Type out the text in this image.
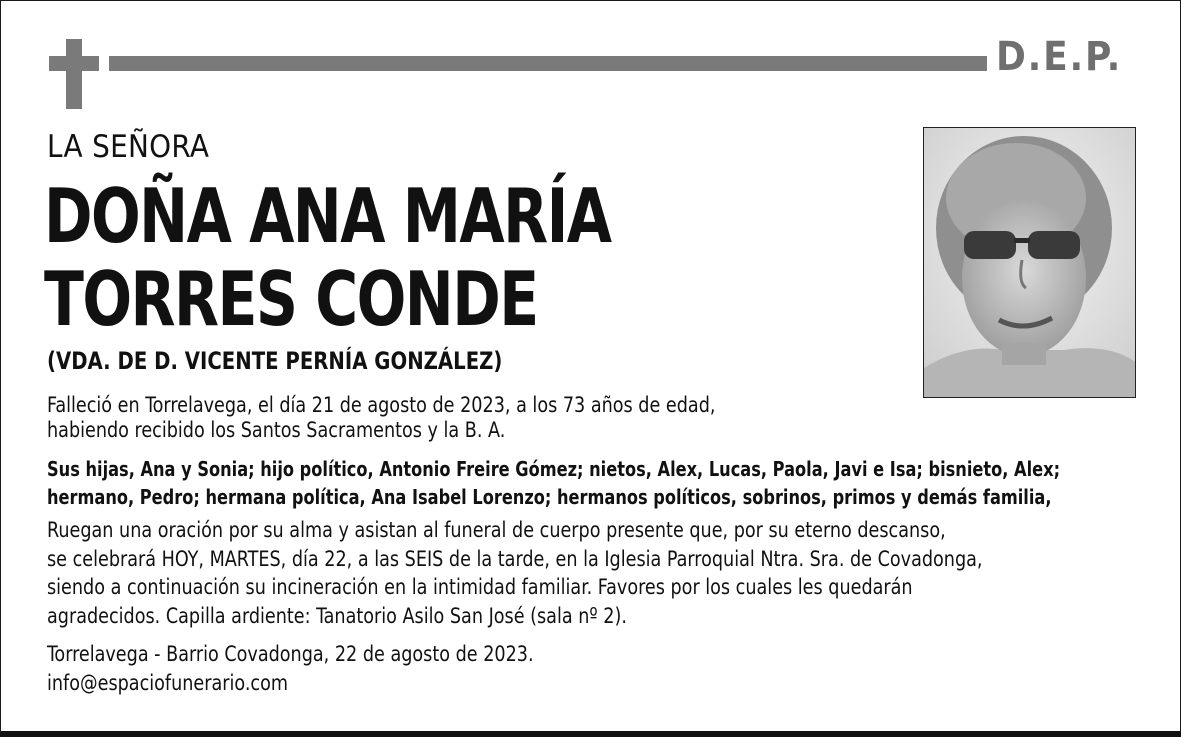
D.E.P.
LA SEÑORA
DOÑA ANA MARÍA
TORRES CONDE
(VDA. DE D. VICENTE PERNÍA GONZÁLEZ)
Falleció en Torrelavega, el día 21 de agosto de 2023, a los 73 años de edad,
habiendo recibido los Santos Sacramentos y la B. A.
Sus hijas, Ana y Sonia; hijo político, Antonio Freire Gómez; nietos, Alex, Lucas, Paola, Javi e Isa; bisnieto, Alex;
hermano, Pedro; hermana política, Ana Isabel Lorenzo; hermanos políticos, sobrinos, primos y demás familia,
Ruegan una oración por su alma y asistan al funeral de cuerpo presente que, por su eterno descanso,
se celebrará HOY, MARTES, día 22, a las SEIS de la tarde, en la Iglesia Parroquial Ntra. Sra. de Covadonga,
siendo a continuación su incineración en la intimidad familiar. Favores por los cuales les quedarán
agradecidos. Capilla ardiente: Tanatorio Asilo San José (sala nº 2).
Torrelavega - Barrio Covadonga, 22 de agosto de 2023.
info@espaciofunerario.com
